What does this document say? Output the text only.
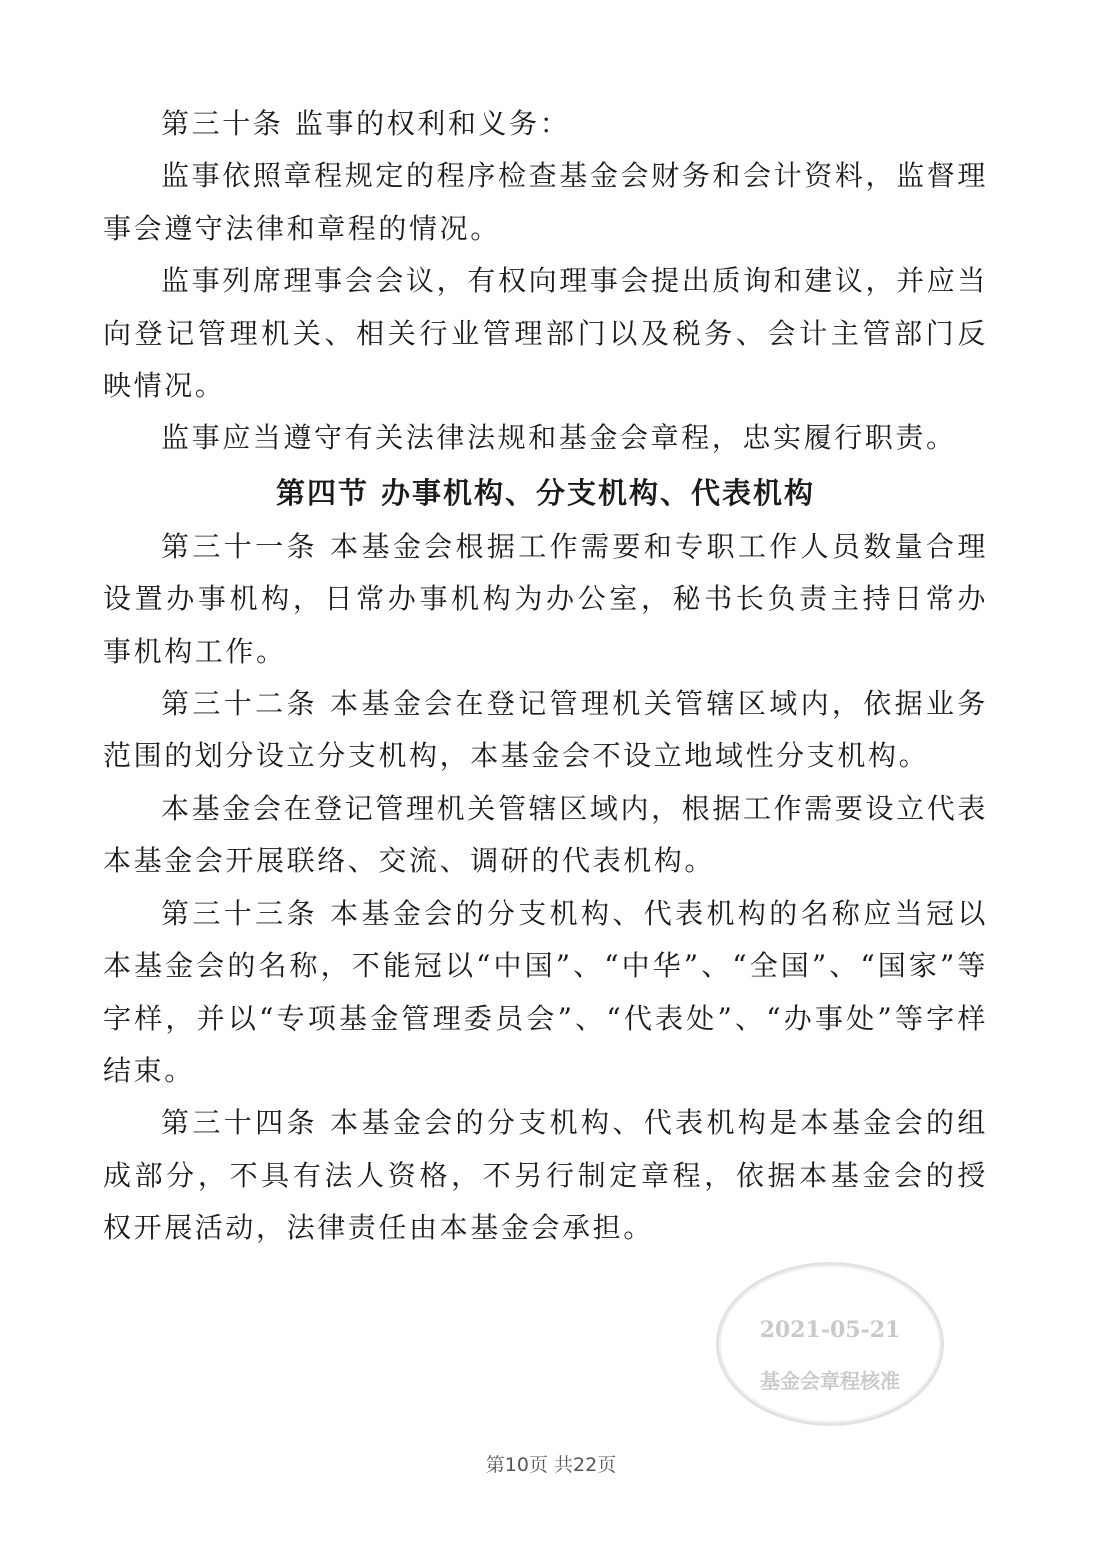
第三十条 监事的权利和义务：

监事依照章程规定的程序检查基金会财务和会计资料，监督理事会遵守法律和章程的情况。

监事列席理事会会议，有权向理事会提出质询和建议，并应当向登记管理机关、相关行业管理部门以及税务、会计主管部门反映情况。

监事应当遵守有关法律法规和基金会章程，忠实履行职责。

第四节 办事机构、分支机构、代表机构

第三十一条 本基金会根据工作需要和专职工作人员数量合理设置办事机构，日常办事机构为办公室，秘书长负责主持日常办事机构工作。

第三十二条 本基金会在登记管理机关管辖区域内，依据业务范围的划分设立分支机构，本基金会不设立地域性分支机构。

本基金会在登记管理机关管辖区域内，根据工作需要设立代表本基金会开展联络、交流、调研的代表机构。

第三十三条 本基金会的分支机构、代表机构的名称应当冠以本基金会的名称，不能冠以“中国”、“中华”、“全国”、“国家”等字样，并以“专项基金管理委员会”、“代表处”、“办事处”等字样结束。

第三十四条 本基金会的分支机构、代表机构是本基金会的组成部分，不具有法人资格，不另行制定章程，依据本基金会的授权开展活动，法律责任由本基金会承担。

2021-05-21
基金会章程核准
第10页 共22页
